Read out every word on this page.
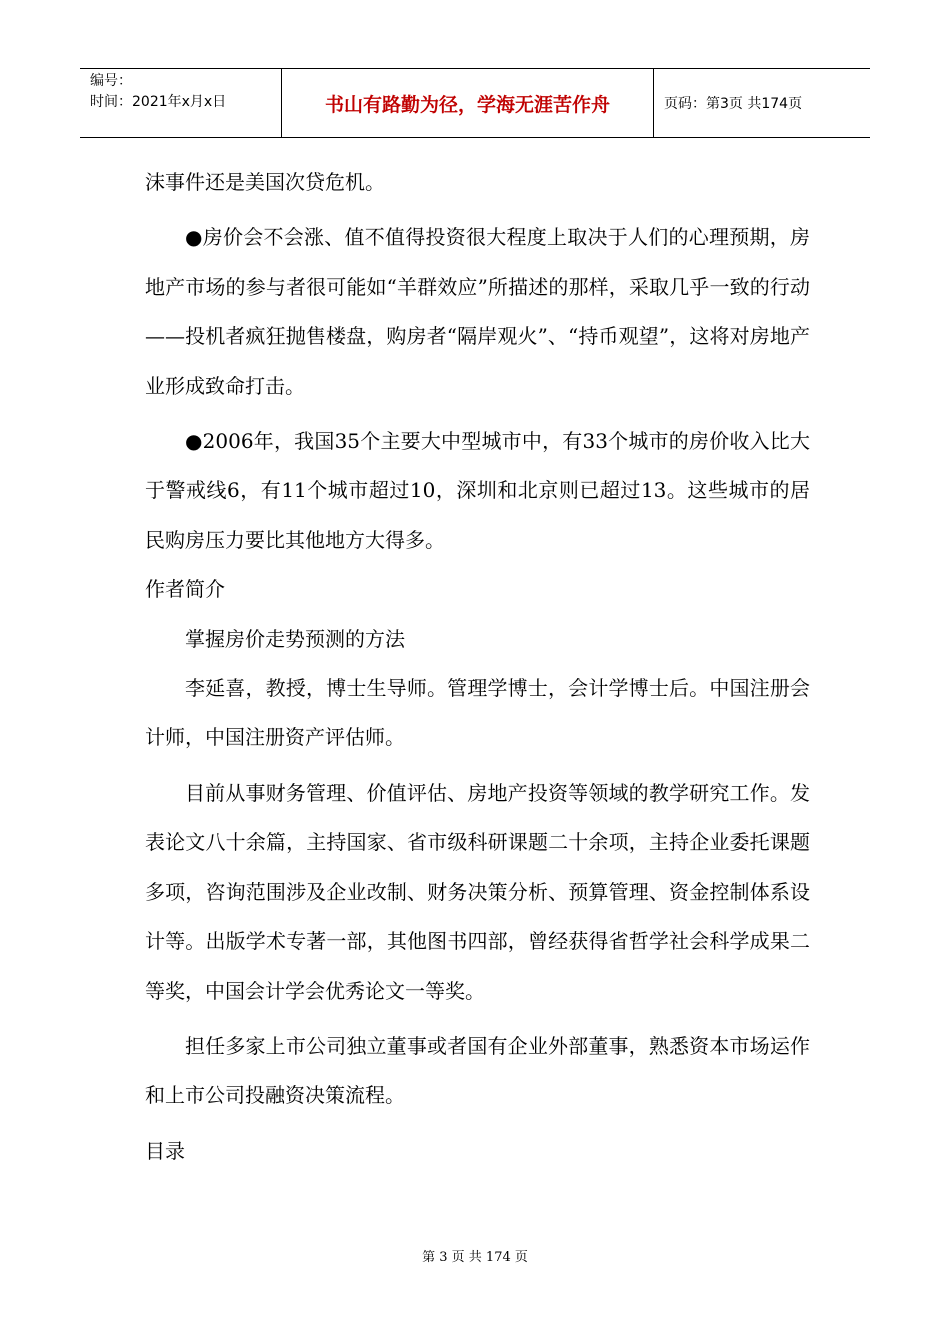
编号：
时间：2021年x月x日	书山有路勤为径，学海无涯苦作舟	页码：第3页 共174页

沫事件还是美国次贷危机。

●房价会不会涨、值不值得投资很大程度上取决于人们的心理预期，房地产市场的参与者很可能如“羊群效应”所描述的那样，采取几乎一致的行动——投机者疯狂抛售楼盘，购房者“隔岸观火”、“持币观望”，这将对房地产业形成致命打击。

●2006年，我国35个主要大中型城市中，有33个城市的房价收入比大于警戒线6，有11个城市超过10，深圳和北京则已超过13。这些城市的居民购房压力要比其他地方大得多。

作者简介

掌握房价走势预测的方法

李延喜，教授，博士生导师。管理学博士，会计学博士后。中国注册会计师，中国注册资产评估师。

目前从事财务管理、价值评估、房地产投资等领域的教学研究工作。发表论文八十余篇，主持国家、省市级科研课题二十余项，主持企业委托课题多项，咨询范围涉及企业改制、财务决策分析、预算管理、资金控制体系设计等。出版学术专著一部，其他图书四部，曾经获得省哲学社会科学成果二等奖，中国会计学会优秀论文一等奖。

担任多家上市公司独立董事或者国有企业外部董事，熟悉资本市场运作和上市公司投融资决策流程。

目录

第 3 页 共 174 页
